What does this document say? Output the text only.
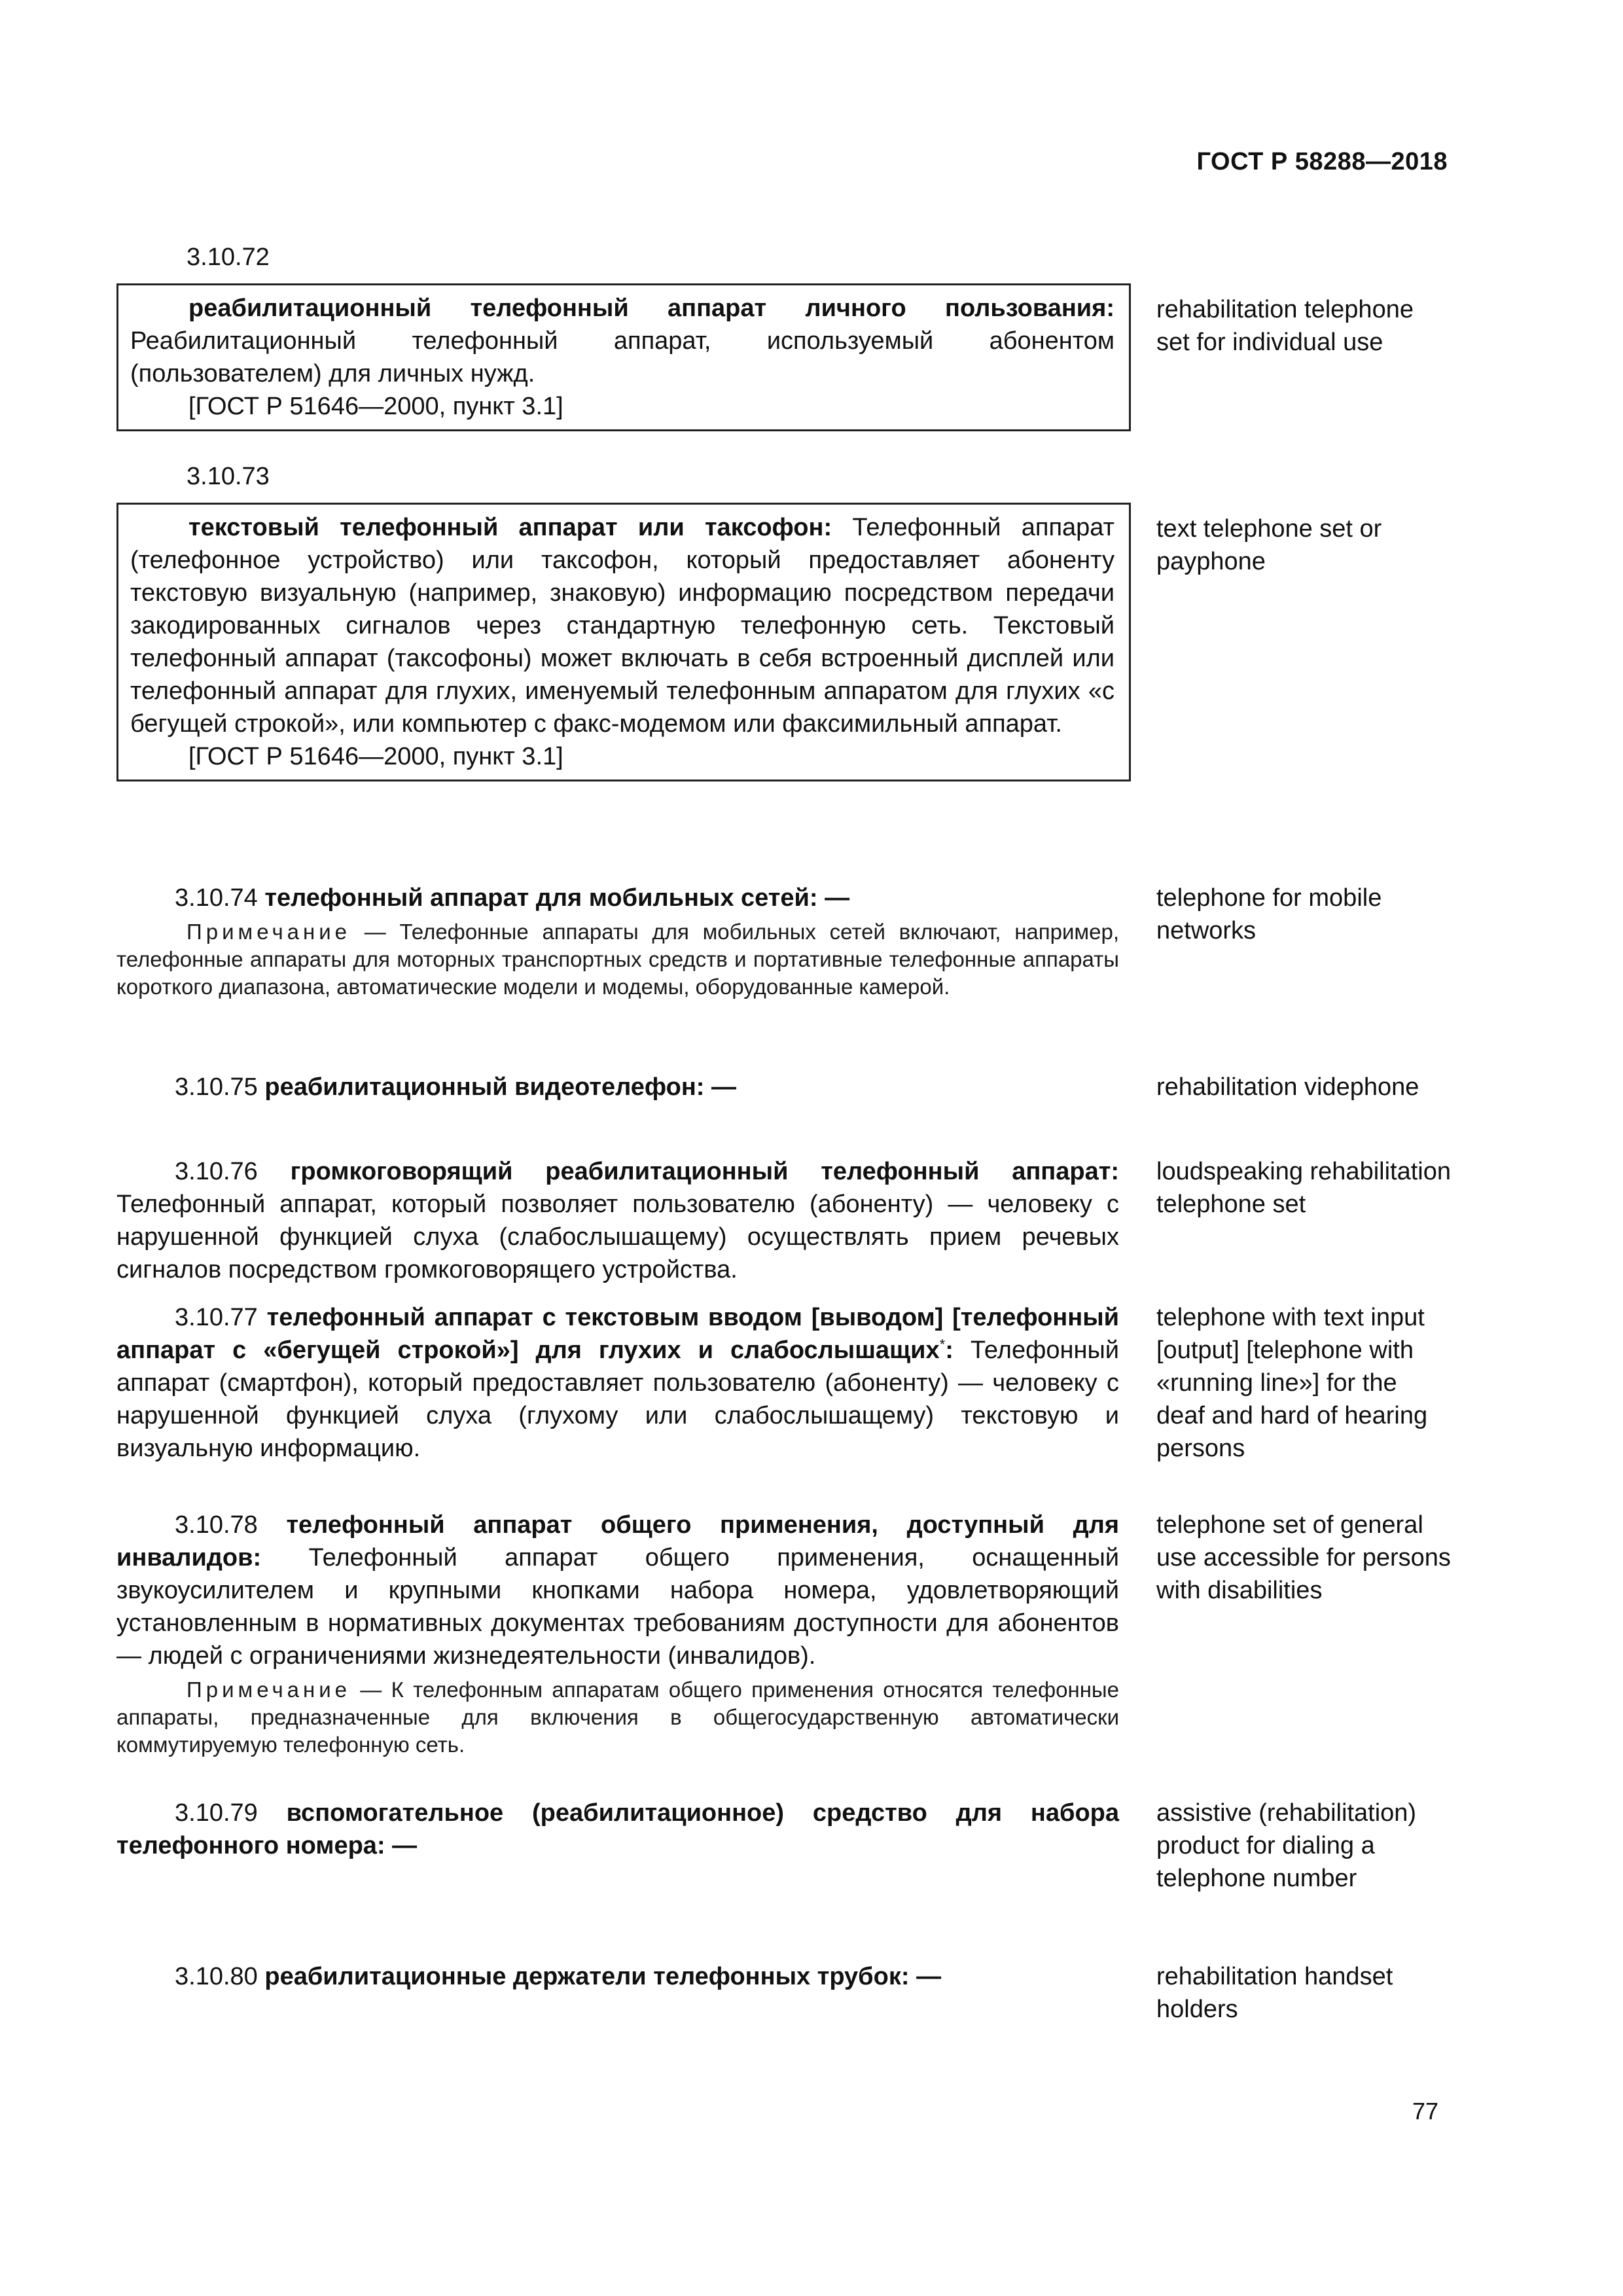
ГОСТ Р 58288—2018
3.10.72

реабилитационный телефонный аппарат личного пользования: Реабилитационный телефонный аппарат, используемый абонентом (пользователем) для личных нужд.

[ГОСТ Р 51646—2000, пункт 3.1]

rehabilitation telephone set for individual use
3.10.73

текстовый телефонный аппарат или таксофон: Телефонный аппарат (телефонное устройство) или таксофон, который предоставляет абоненту текстовую визуальную (например, знаковую) информацию посредством передачи закодированных сигналов через стандартную телефонную сеть. Текстовый телефонный аппарат (таксофоны) может включать в себя встроенный дисплей или телефонный аппарат для глухих, именуемый телефонным аппаратом для глухих «с бегущей строкой», или компьютер с факс-модемом или факсимильный аппарат.

[ГОСТ Р 51646—2000, пункт 3.1]

text telephone set or payphone

3.10.74 телефонный аппарат для мобильных сетей: —

Примечание — Телефонные аппараты для мобильных сетей включают, например, телефонные аппараты для моторных транспортных средств и портативные телефонные аппараты короткого диапазона, автоматические модели и модемы, оборудованные камерой.

telephone for mobile networks

3.10.75 реабилитационный видеотелефон: —	rehabilitation videphone

3.10.76 громкоговорящий реабилитационный телефонный аппарат: Телефонный аппарат, который позволяет пользователю (абоненту) — человеку с нарушенной функцией слуха (слабослышащему) осуществлять прием речевых сигналов посредством громкоговорящего устройства.

loudspeaking rehabilitation telephone set

3.10.77 телефонный аппарат с текстовым вводом [выводом] [телефонный аппарат с «бегущей строкой»] для глухих и слабослышащих*: Телефонный аппарат (смартфон), который предоставляет пользователю (абоненту) — человеку с нарушенной функцией слуха (глухому или слабослышащему) текстовую и визуальную информацию.

telephone with text input [output] [telephone with «running line»] for the deaf and hard of hearing persons

3.10.78 телефонный аппарат общего применения, доступный для инвалидов: Телефонный аппарат общего применения, оснащенный звукоусилителем и крупными кнопками набора номера, удовлетворяющий установленным в нормативных документах требованиям доступности для абонентов — людей с ограничениями жизнедеятельности (инвалидов).

Примечание — К телефонным аппаратам общего применения относятся телефонные аппараты, предназначенные для включения в общегосударственную автоматически коммутируемую телефонную сеть.

telephone set of general use accessible for persons with disabilities

3.10.79 вспомогательное (реабилитационное) средство для набора телефонного номера: —

assistive (rehabilitation) product for dialing a telephone number

3.10.80 реабилитационные держатели телефонных трубок: —	rehabilitation handset holders
77
